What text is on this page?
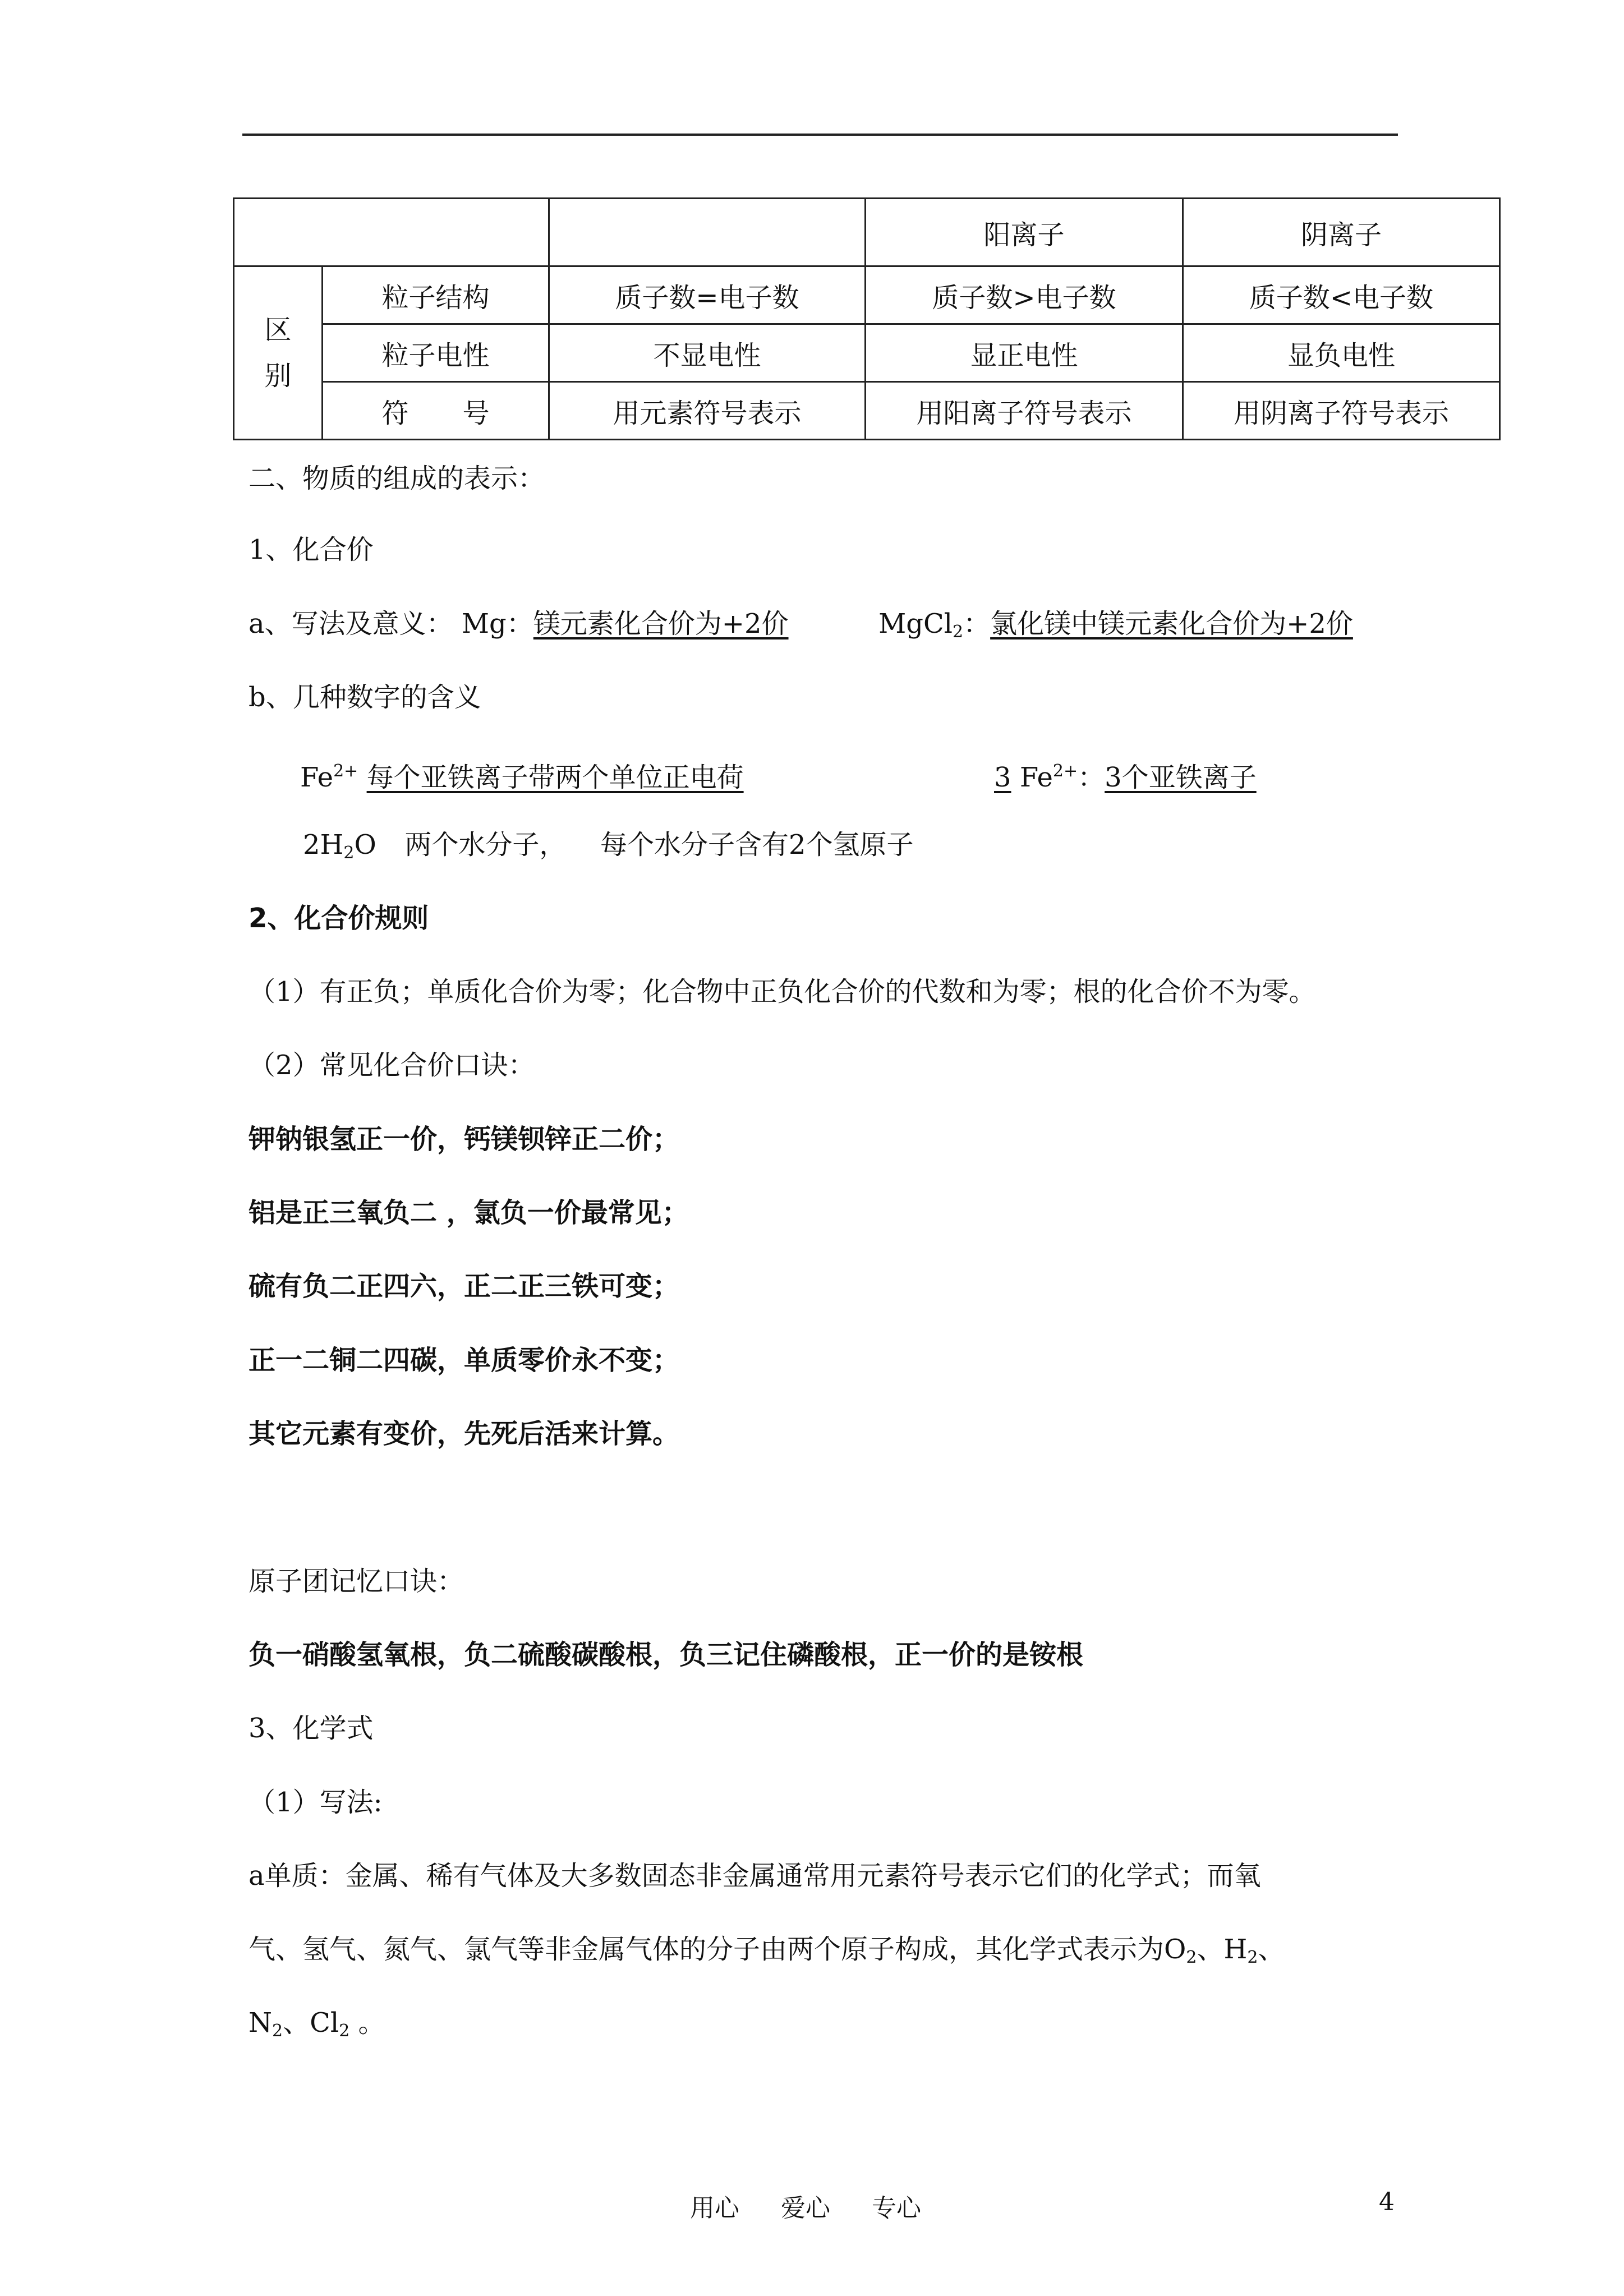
			阳离子	阴离子

区
别	粒子结构	质子数=电子数	质子数>电子数	质子数<电子数
	粒子电性	不显电性	显正电性	显负电性
	符　　号	用元素符号表示	用阳离子符号表示	用阴离子符号表示
二、物质的组成的表示：
1、化合价
a、写法及意义： Mg：镁元素化合价为+2价	MgCl$_2$：氯化镁中镁元素化合价为+2价
b、几种数字的含义
$Fe^{2+}$ 每个亚铁离子带两个单位正电荷	3 $Fe^{2+}$：3个亚铁离子
$2H_2O$ 两个水分子， 每个水分子含有2个氢原子
2、化合价规则
（1）有正负；单质化合价为零；化合物中正负化合价的代数和为零；根的化合价不为零。
（2）常见化合价口诀：
钾钠银氢正一价，钙镁钡锌正二价；
铝是正三氧负二 ，氯负一价最常见；
硫有负二正四六，正二正三铁可变；
正一二铜二四碳，单质零价永不变；
其它元素有变价，先死后活来计算。
原子团记忆口诀：
负一硝酸氢氧根，负二硫酸碳酸根，负三记住磷酸根，正一价的是铵根
3、化学式
（1）写法:
a单质：金属、稀有气体及大多数固态非金属通常用元素符号表示它们的化学式；而氧
气、氢气、氮气、氯气等非金属气体的分子由两个原子构成，其化学式表示为$O_2$、$H_2$、
$N_2$、$Cl_2$ 。
用心 爱心 专心	4
